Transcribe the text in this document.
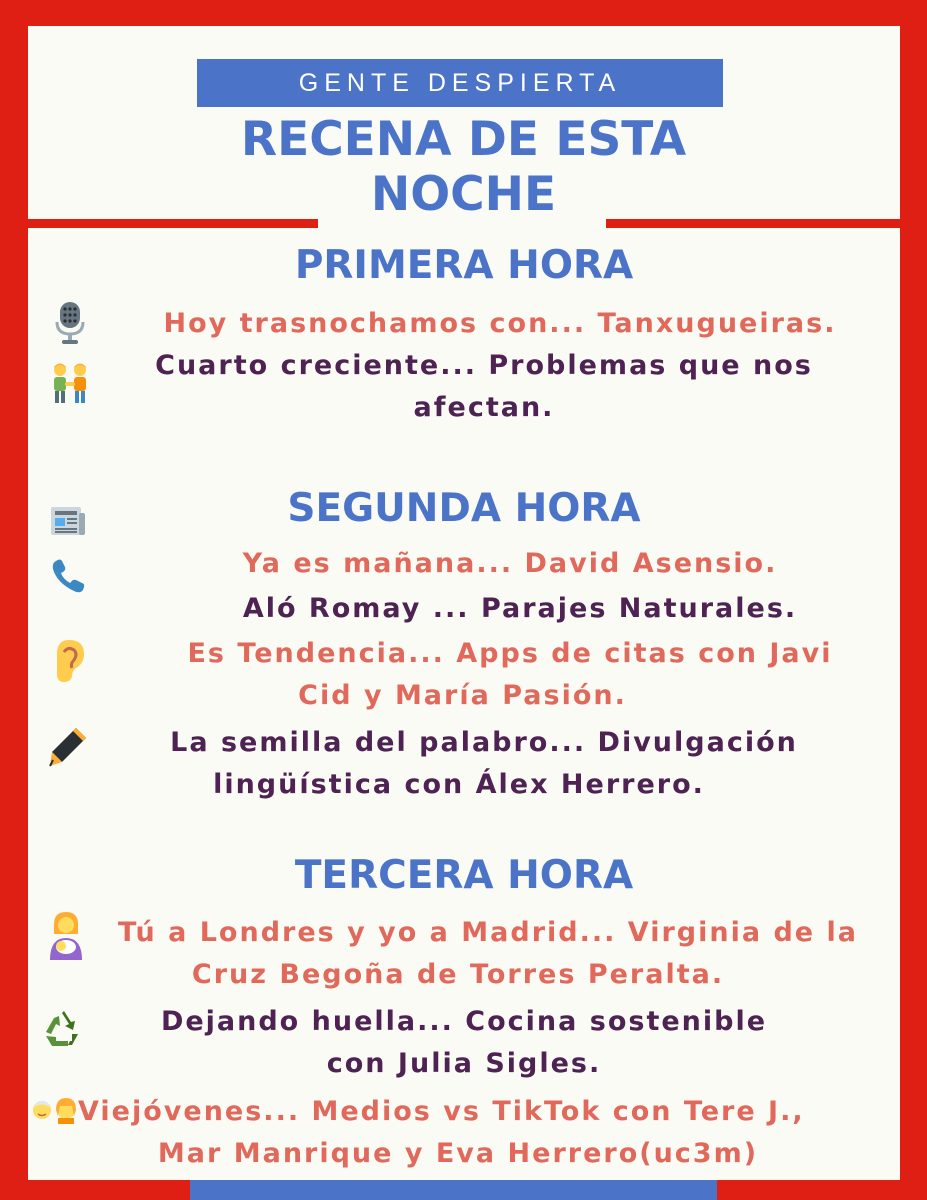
GENTE DESPIERTA
RECENA DE ESTA
NOCHE
PRIMERA HORA
Hoy trasnochamos con... Tanxugueiras.
Cuarto creciente... Problemas que nos
afectan.
SEGUNDA HORA
Ya es mañana... David Asensio.
Aló Romay ... Parajes Naturales.
Es Tendencia... Apps de citas con Javi
Cid y María Pasión.
La semilla del palabro... Divulgación
lingüística con Álex Herrero.
TERCERA HORA
Tú a Londres y yo a Madrid... Virginia de la
Cruz Begoña de Torres Peralta.
Dejando huella... Cocina sostenible
con Julia Sigles.
Viejóvenes... Medios vs TikTok con Tere J.,
Mar Manrique y Eva Herrero(uc3m)
